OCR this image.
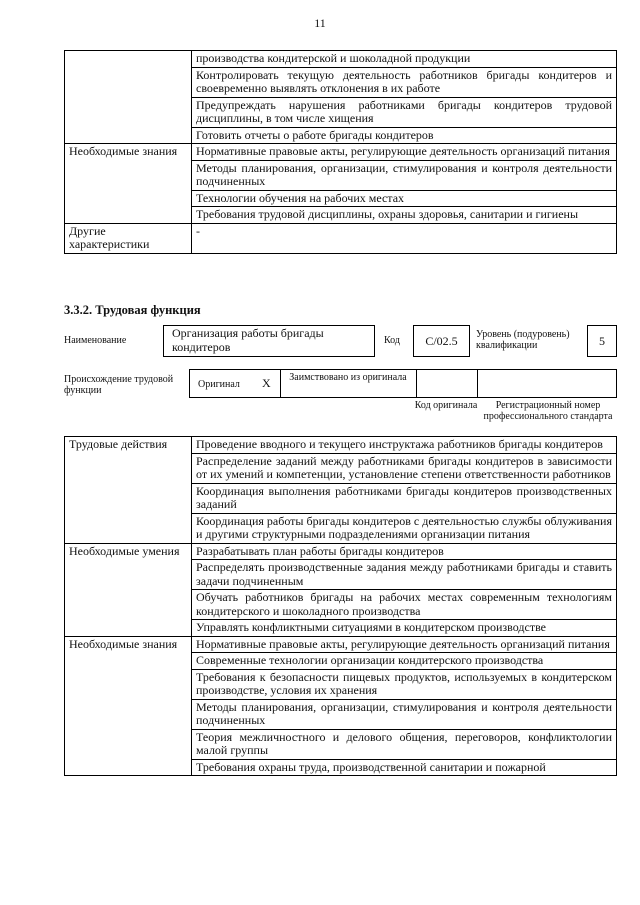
11
	производства кондитерской и шоколадной продукции
	Контролировать текущую деятельность работников бригады кондитеров и своевременно выявлять отклонения в их работе
	Предупреждать нарушения работниками бригады кондитеров трудовой дисциплины, в том числе хищения
	Готовить отчеты о работе бригады кондитеров
Необходимые знания	Нормативные правовые акты, регулирующие деятельность организаций питания
	Методы планирования, организации, стимулирования и контроля деятельности подчиненных
	Технологии обучения на рабочих местах
	Требования трудовой дисциплины, охраны здоровья, санитарии и гигиены
Другие характеристики	-
3.3.2. Трудовая функция
Наименование
Организация работы бригады кондитеров	Код	C/02.5	Уровень (подуровень) квалификации	5
Происхождение трудовой функции
Оригинал X	Заимствовано из оригинала
Код оригинала	Регистрационный номер профессионального стандарта
Трудовые действия	Проведение вводного и текущего инструктажа работников бригады кондитеров
	Распределение заданий между работниками бригады кондитеров в зависимости от их умений и компетенции, установление степени ответственности работников
	Координация выполнения работниками бригады кондитеров производственных заданий
	Координация работы бригады кондитеров с деятельностью службы облуживания и другими структурными подразделениями организации питания
Необходимые умения	Разрабатывать план работы бригады кондитеров
	Распределять производственные задания между работниками бригады и ставить задачи подчиненным
	Обучать работников бригады на рабочих местах современным технологиям кондитерского и шоколадного производства
	Управлять конфликтными ситуациями в кондитерском производстве
Необходимые знания	Нормативные правовые акты, регулирующие деятельность организаций питания
	Современные технологии организации кондитерского производства
	Требования к безопасности пищевых продуктов, используемых в кондитерском производстве, условия их хранения
	Методы планирования, организации, стимулирования и контроля деятельности подчиненных
	Теория межличностного и делового общения, переговоров, конфликтологии малой группы
	Требования охраны труда, производственной санитарии и пожарной
